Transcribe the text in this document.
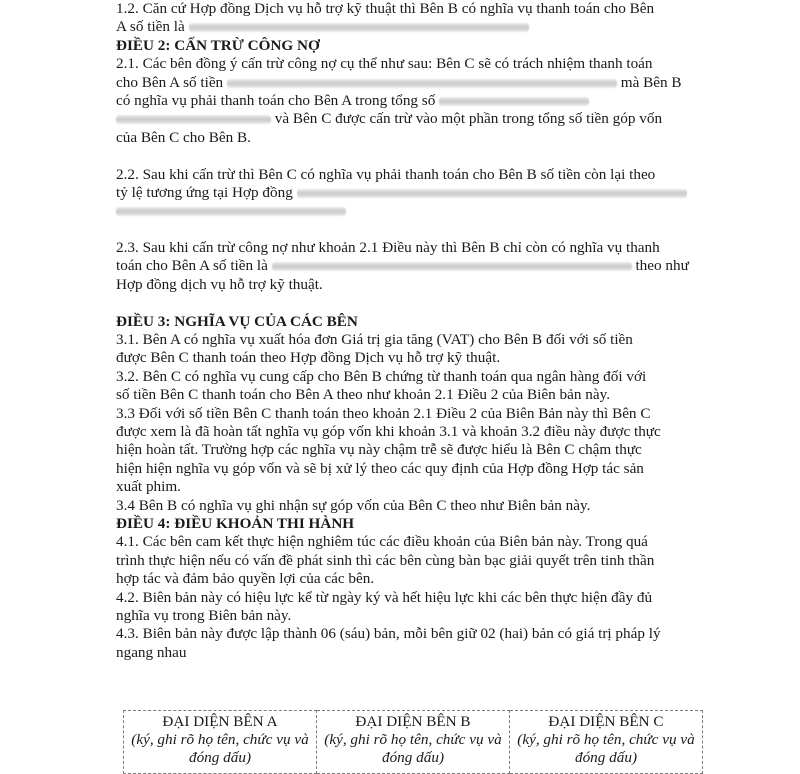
1.2. Căn cứ Hợp đồng Dịch vụ hỗ trợ kỹ thuật thì Bên B có nghĩa vụ thanh toán cho Bên
A số tiền là
ĐIỀU 2: CẤN TRỪ CÔNG NỢ
2.1. Các bên đồng ý cấn trừ công nợ cụ thể như sau: Bên C sẽ có trách nhiệm thanh toán
cho Bên A số tiền	mà Bên B
có nghĩa vụ phải thanh toán cho Bên A trong tổng số
và Bên C được cấn trừ vào một phần trong tổng số tiền góp vốn
của Bên C cho Bên B.
2.2. Sau khi cấn trừ thì Bên C có nghĩa vụ phải thanh toán cho Bên B số tiền còn lại theo
tỷ lệ tương ứng tại Hợp đồng
2.3. Sau khi cấn trừ công nợ như khoản 2.1 Điều này thì Bên B chỉ còn có nghĩa vụ thanh
toán cho Bên A số tiền là	theo như
Hợp đồng dịch vụ hỗ trợ kỹ thuật.
ĐIỀU 3: NGHĨA VỤ CỦA CÁC BÊN
3.1. Bên A có nghĩa vụ xuất hóa đơn Giá trị gia tăng (VAT) cho Bên B đối với số tiền
được Bên C thanh toán theo Hợp đồng Dịch vụ hỗ trợ kỹ thuật.
3.2. Bên C có nghĩa vụ cung cấp cho Bên B chứng từ thanh toán qua ngân hàng đối với
số tiền Bên C thanh toán cho Bên A theo như khoản 2.1 Điều 2 của Biên bản này.
3.3 Đối với số tiền Bên C thanh toán theo khoản 2.1 Điều 2 của Biên Bản này thì Bên C
được xem là đã hoàn tất nghĩa vụ góp vốn khi khoản 3.1 và khoản 3.2 điều này được thực
hiện hoàn tất. Trường hợp các nghĩa vụ này chậm trễ sẽ được hiểu là Bên C chậm thực
hiện hiện nghĩa vụ góp vốn và sẽ bị xử lý theo các quy định của Hợp đồng Hợp tác sản
xuất phim.
3.4 Bên B có nghĩa vụ ghi nhận sự góp vốn của Bên C theo như Biên bản này.
ĐIỀU 4: ĐIỀU KHOẢN THI HÀNH
4.1. Các bên cam kết thực hiện nghiêm túc các điều khoản của Biên bản này. Trong quá
trình thực hiện nếu có vấn đề phát sinh thì các bên cùng bàn bạc giải quyết trên tinh thần
hợp tác và đảm bảo quyền lợi của các bên.
4.2. Biên bản này có hiệu lực kể từ ngày ký và hết hiệu lực khi các bên thực hiện đầy đủ
nghĩa vụ trong Biên bản này.
4.3. Biên bản này được lập thành 06 (sáu) bản, mỗi bên giữ 02 (hai) bản có giá trị pháp lý
ngang nhau
ĐẠI DIỆN BÊN A
(ký, ghi rõ họ tên, chức vụ và đóng dấu)

ĐẠI DIỆN BÊN B
(ký, ghi rõ họ tên, chức vụ và đóng dấu)

ĐẠI DIỆN BÊN C
(ký, ghi rõ họ tên, chức vụ và đóng dấu)
